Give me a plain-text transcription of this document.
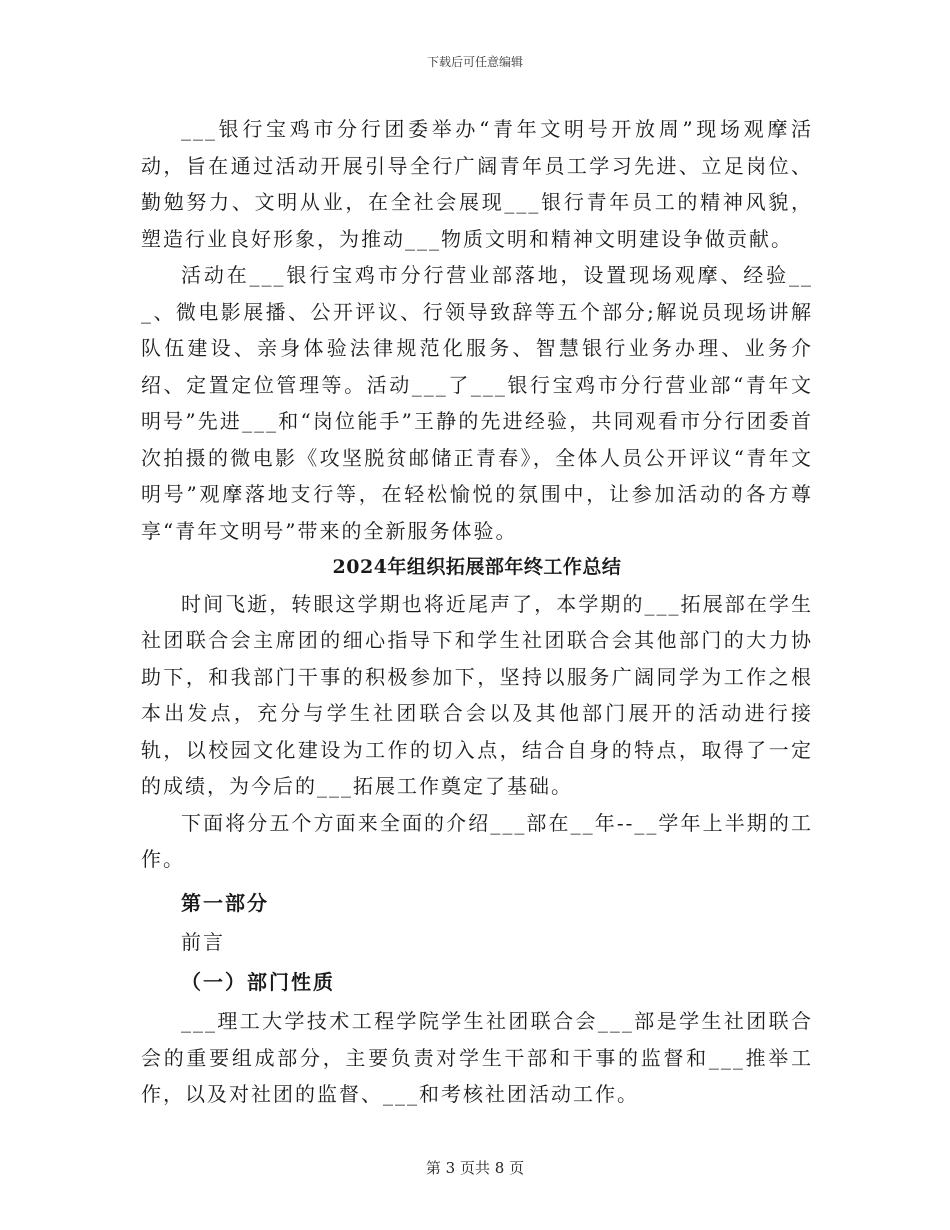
下载后可任意编辑

___银行宝鸡市分行团委举办“青年文明号开放周”现场观摩活动，旨在通过活动开展引导全行广阔青年员工学习先进、立足岗位、勤勉努力、文明从业，在全社会展现___银行青年员工的精神风貌，塑造行业良好形象，为推动___物质文明和精神文明建设争做贡献。

活动在___银行宝鸡市分行营业部落地，设置现场观摩、经验___、微电影展播、公开评议、行领导致辞等五个部分;解说员现场讲解队伍建设、亲身体验法律规范化服务、智慧银行业务办理、业务介绍、定置定位管理等。活动___了___银行宝鸡市分行营业部“青年文明号”先进___和“岗位能手”王静的先进经验，共同观看市分行团委首次拍摄的微电影《攻坚脱贫邮储正青春》，全体人员公开评议“青年文明号”观摩落地支行等，在轻松愉悦的氛围中，让参加活动的各方尊享“青年文明号”带来的全新服务体验。

2024年组织拓展部年终工作总结

时间飞逝，转眼这学期也将近尾声了，本学期的___拓展部在学生社团联合会主席团的细心指导下和学生社团联合会其他部门的大力协助下，和我部门干事的积极参加下，坚持以服务广阔同学为工作之根本出发点，充分与学生社团联合会以及其他部门展开的活动进行接轨，以校园文化建设为工作的切入点，结合自身的特点，取得了一定的成绩，为今后的___拓展工作奠定了基础。

下面将分五个方面来全面的介绍___部在__年--__学年上半期的工作。

第一部分

前言

（一）部门性质

___理工大学技术工程学院学生社团联合会___部是学生社团联合会的重要组成部分，主要负责对学生干部和干事的监督和___推举工作，以及对社团的监督、___和考核社团活动工作。

第 3 页共 8 页
